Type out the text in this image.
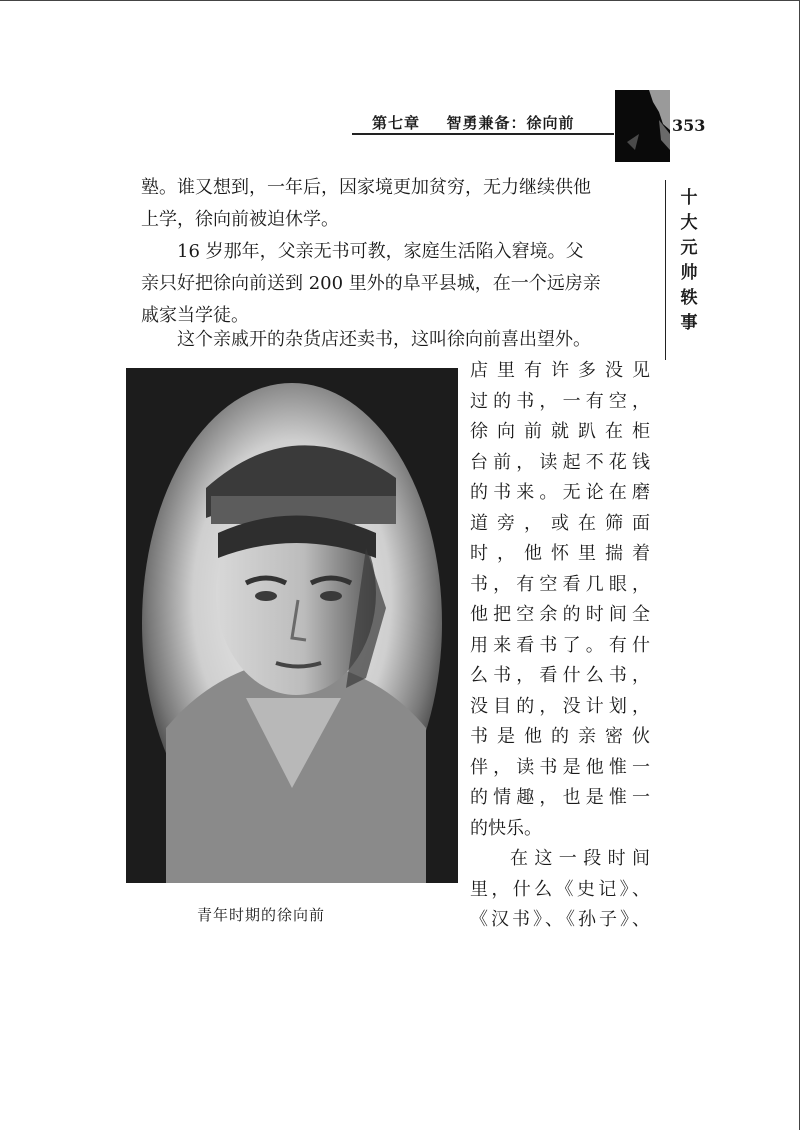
第七章 智勇兼备：徐向前	353
十
大
元
帅
轶
事
塾。谁又想到，一年后，因家境更加贫穷，无力继续供他
上学，徐向前被迫休学。
16 岁那年，父亲无书可教，家庭生活陷入窘境。父
亲只好把徐向前送到 200 里外的阜平县城，在一个远房亲
戚家当学徒。
这个亲戚开的杂货店还卖书，这叫徐向前喜出望外。
青年时期的徐向前
店里有许多没见
过的书，一有空，
徐向前就趴在柜
台前，读起不花钱
的书来。无论在磨
道旁，或在筛面
时，他怀里揣着
书，有空看几眼，
他把空余的时间全
用来看书了。有什
么书，看什么书，
没目的，没计划，
书是他的亲密伙
伴，读书是他惟一
的情趣，也是惟一
的快乐。
在这一段时间
里，什么《史记》、
《汉书》、《孙子》、
